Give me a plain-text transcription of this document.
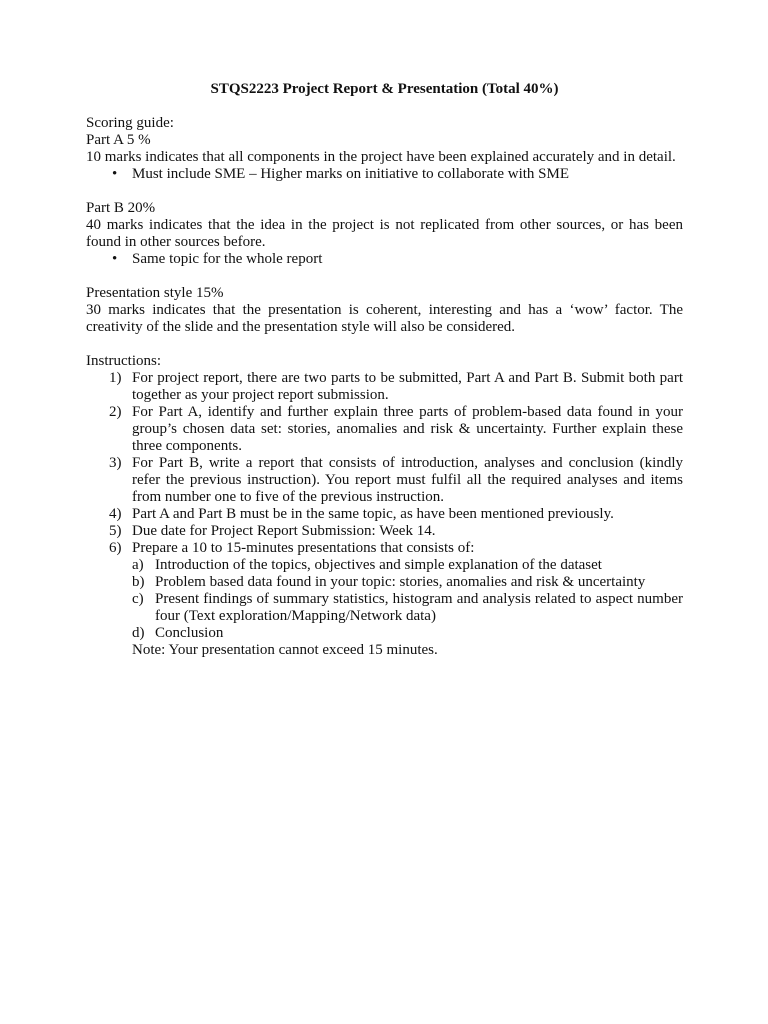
STQS2223 Project Report & Presentation (Total 40%)

Scoring guide:

Part A 5 %

10 marks indicates that all components in the project have been explained accurately and in detail.

• Must include SME – Higher marks on initiative to collaborate with SME

Part B 20%

40 marks indicates that the idea in the project is not replicated from other sources, or has been found in other sources before.

• Same topic for the whole report

Presentation style 15%

30 marks indicates that the presentation is coherent, interesting and has a ‘wow’ factor. The creativity of the slide and the presentation style will also be considered.

Instructions:

1) For project report, there are two parts to be submitted, Part A and Part B. Submit both part together as your project report submission.
2) For Part A, identify and further explain three parts of problem-based data found in your group’s chosen data set: stories, anomalies and risk & uncertainty. Further explain these three components.
3) For Part B, write a report that consists of introduction, analyses and conclusion (kindly refer the previous instruction). You report must fulfil all the required analyses and items from number one to five of the previous instruction.
4) Part A and Part B must be in the same topic, as have been mentioned previously.
5) Due date for Project Report Submission: Week 14.
6) Prepare a 10 to 15-minutes presentations that consists of:
a) Introduction of the topics, objectives and simple explanation of the dataset
b) Problem based data found in your topic: stories, anomalies and risk & uncertainty
c) Present findings of summary statistics, histogram and analysis related to aspect number four (Text exploration/Mapping/Network data)
d) Conclusion

Note: Your presentation cannot exceed 15 minutes.
